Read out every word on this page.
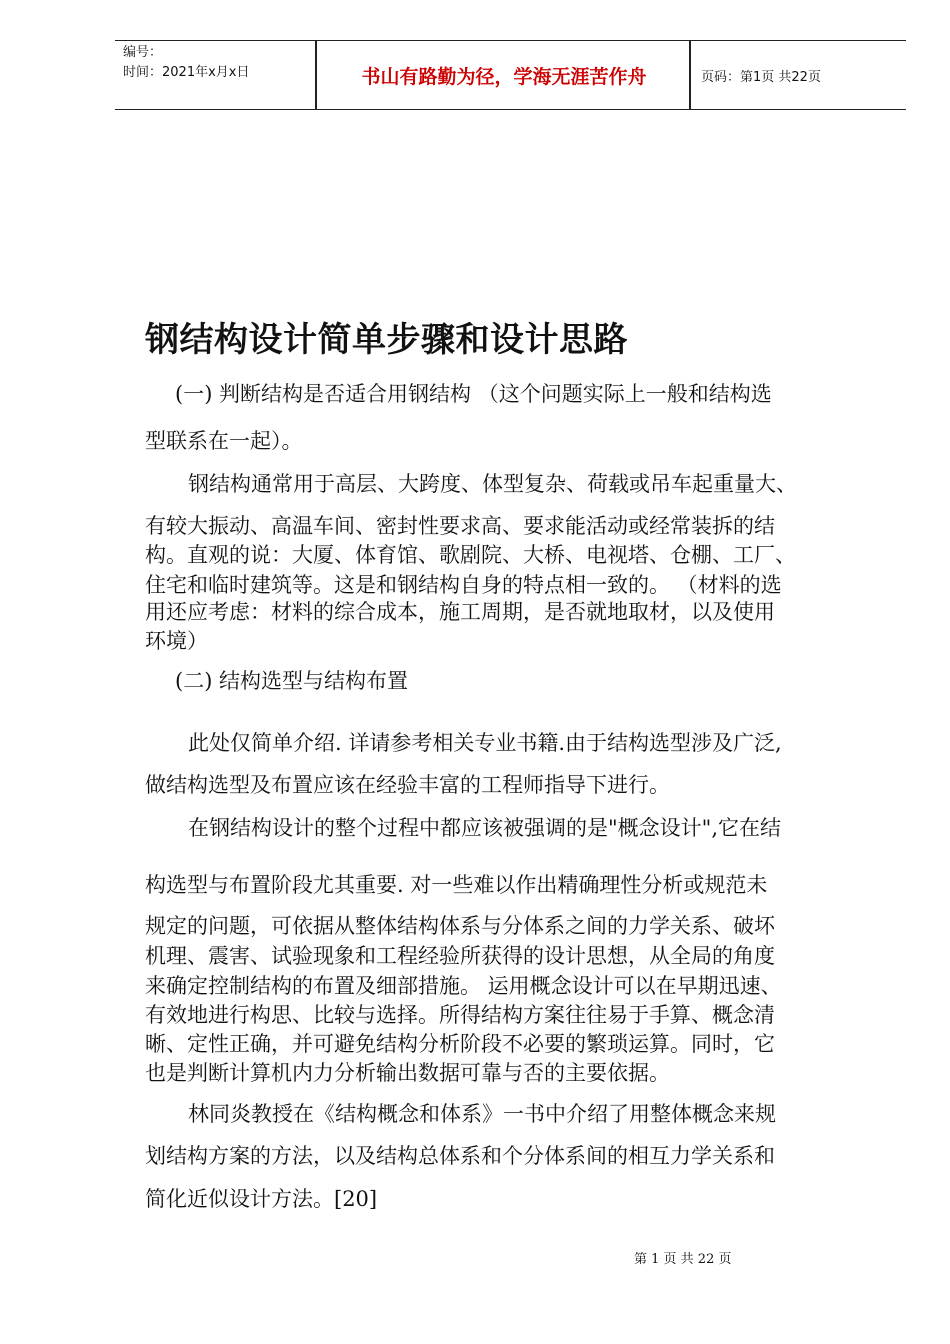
编号：
时间：2021年x月x日	书山有路勤为径，学海无涯苦作舟	页码：第1页 共22页
钢结构设计简单步骤和设计思路
(一) 判断结构是否适合用钢结构 （这个问题实际上一般和结构选
型联系在一起）。
钢结构通常用于高层、大跨度、体型复杂、荷载或吊车起重量大、
有较大振动、高温车间、密封性要求高、要求能活动或经常装拆的结
构。直观的说：大厦、体育馆、歌剧院、大桥、电视塔、仓棚、工厂、
住宅和临时建筑等。这是和钢结构自身的特点相一致的。 （材料的选
用还应考虑：材料的综合成本，施工周期，是否就地取材，以及使用
环境）
(二) 结构选型与结构布置
此处仅简单介绍. 详请参考相关专业书籍.由于结构选型涉及广泛,
做结构选型及布置应该在经验丰富的工程师指导下进行。
在钢结构设计的整个过程中都应该被强调的是"概念设计",它在结
构选型与布置阶段尤其重要. 对一些难以作出精确理性分析或规范未
规定的问题，可依据从整体结构体系与分体系之间的力学关系、破坏
机理、震害、试验现象和工程经验所获得的设计思想，从全局的角度
来确定控制结构的布置及细部措施。 运用概念设计可以在早期迅速、
有效地进行构思、比较与选择。所得结构方案往往易于手算、概念清
晰、定性正确，并可避免结构分析阶段不必要的繁琐运算。同时，它
也是判断计算机内力分析输出数据可靠与否的主要依据。
林同炎教授在《结构概念和体系》一书中介绍了用整体概念来规
划结构方案的方法，以及结构总体系和个分体系间的相互力学关系和
简化近似设计方法。[20]
第 1 页 共 22 页
